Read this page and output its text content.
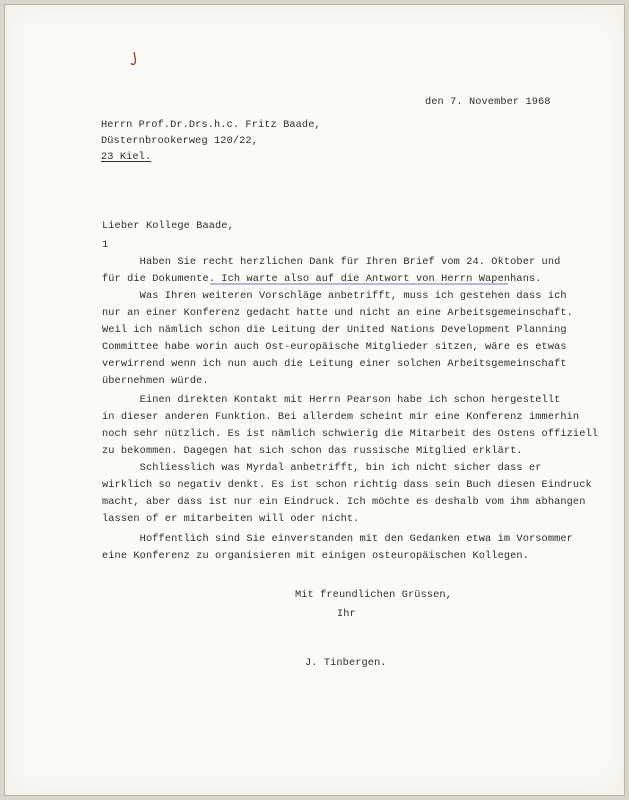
den 7. November 1968
Herrn Prof.Dr.Drs.h.c. Fritz Baade,
Düsternbrookerweg 120/22,
23 Kiel.
Lieber Kollege Baade,
1
Haben Sie recht herzlichen Dank für Ihren Brief vom 24. Oktober und
für die Dokumente. Ich warte also auf die Antwort von Herrn Wapenhans.
Was Ihren weiteren Vorschläge anbetrifft, muss ich gestehen dass ich
nur an einer Konferenz gedacht hatte und nicht an eine Arbeitsgemeinschaft.
Weil ich nämlich schon die Leitung der United Nations Development Planning
Committee habe worin auch Ost-europäische Mitglieder sitzen, wäre es etwas
verwirrend wenn ich nun auch die Leitung einer solchen Arbeitsgemeinschaft
übernehmen würde.
Einen direkten Kontakt mit Herrn Pearson habe ich schon hergestellt
in dieser anderen Funktion. Bei allerdem scheint mir eine Konferenz immerhin
noch sehr nützlich. Es ist nämlich schwierig die Mitarbeit des Ostens offiziell
zu bekommen. Dagegen hat sich schon das russische Mitglied erklärt.
Schliesslich was Myrdal anbetrifft, bin ich nicht sicher dass er
wirklich so negativ denkt. Es ist schon richtig dass sein Buch diesen Eindruck
macht, aber dass ist nur ein Eindruck. Ich möchte es deshalb vom ihm abhangen
lassen of er mitarbeiten will oder nicht.
Hoffentlich sind Sie einverstanden mit den Gedanken etwa im Vorsommer
eine Konferenz zu organisieren mit einigen osteuropäischen Kollegen.
Mit freundlichen Grüssen,
Ihr
J. Tinbergen.
